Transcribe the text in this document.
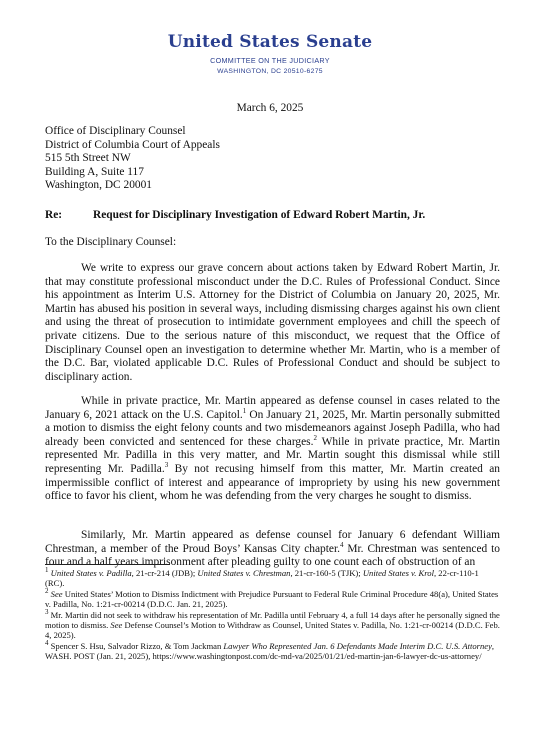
United States Senate
COMMITTEE ON THE JUDICIARY
WASHINGTON, DC 20510-6275
March 6, 2025
Office of Disciplinary Counsel
District of Columbia Court of Appeals
515 5th Street NW
Building A, Suite 117
Washington, DC 20001
Re:	Request for Disciplinary Investigation of Edward Robert Martin, Jr.
To the Disciplinary Counsel:
We write to express our grave concern about actions taken by Edward Robert Martin, Jr. that may constitute professional misconduct under the D.C. Rules of Professional Conduct. Since his appointment as Interim U.S. Attorney for the District of Columbia on January 20, 2025, Mr. Martin has abused his position in several ways, including dismissing charges against his own client and using the threat of prosecution to intimidate government employees and chill the speech of private citizens. Due to the serious nature of this misconduct, we request that the Office of Disciplinary Counsel open an investigation to determine whether Mr. Martin, who is a member of the D.C. Bar, violated applicable D.C. Rules of Professional Conduct and should be subject to disciplinary action.
While in private practice, Mr. Martin appeared as defense counsel in cases related to the January 6, 2021 attack on the U.S. Capitol.$^1$ On January 21, 2025, Mr. Martin personally submitted a motion to dismiss the eight felony counts and two misdemeanors against Joseph Padilla, who had already been convicted and sentenced for these charges.$^2$ While in private practice, Mr. Martin represented Mr. Padilla in this very matter, and Mr. Martin sought this dismissal while still representing Mr. Padilla.$^3$ By not recusing himself from this matter, Mr. Martin created an impermissible conflict of interest and appearance of impropriety by using his new government office to favor his client, whom he was defending from the very charges he sought to dismiss.
Similarly, Mr. Martin appeared as defense counsel for January 6 defendant William Chrestman, a member of the Proud Boys’ Kansas City chapter.$^4$ Mr. Chrestman was sentenced to four and a half years imprisonment after pleading guilty to one count each of obstruction of an

$^1$ United States v. Padilla, 21-cr-214 (JDB); United States v. Chrestman, 21-cr-160-5 (TJK); United States v. Krol, 22-cr-110-1 (RC).

$^2$ See United States’ Motion to Dismiss Indictment with Prejudice Pursuant to Federal Rule Criminal Procedure 48(a), United States v. Padilla, No. 1:21-cr-00214 (D.D.C. Jan. 21, 2025).

$^3$ Mr. Martin did not seek to withdraw his representation of Mr. Padilla until February 4, a full 14 days after he personally signed the motion to dismiss. See Defense Counsel’s Motion to Withdraw as Counsel, United States v. Padilla, No. 1:21-cr-00214 (D.D.C. Feb. 4, 2025).

$^4$ Spencer S. Hsu, Salvador Rizzo, & Tom Jackman Lawyer Who Represented Jan. 6 Defendants Made Interim D.C. U.S. Attorney, WASH. POST (Jan. 21, 2025), https://www.washingtonpost.com/dc-md-va/2025/01/21/ed-martin-jan-6-lawyer-dc-us-attorney/
